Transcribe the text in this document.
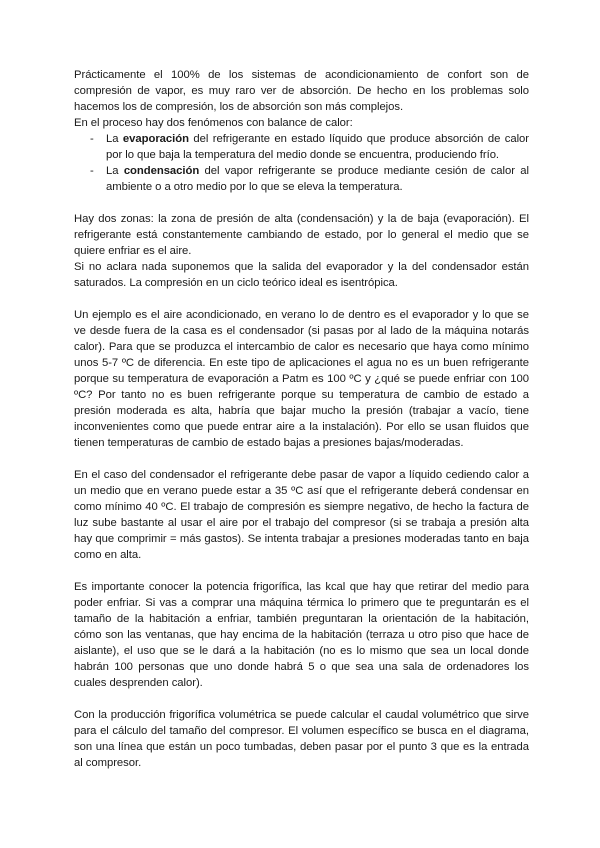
Prácticamente el 100% de los sistemas de acondicionamiento de confort son de compresión de vapor, es muy raro ver de absorción. De hecho en los problemas solo hacemos los de compresión, los de absorción son más complejos.
En el proceso hay dos fenómenos con balance de calor:

- La evaporación del refrigerante en estado líquido que produce absorción de calor por lo que baja la temperatura del medio donde se encuentra, produciendo frío.
- La condensación del vapor refrigerante se produce mediante cesión de calor al ambiente o a otro medio por lo que se eleva la temperatura.

Hay dos zonas: la zona de presión de alta (condensación) y la de baja (evaporación). El refrigerante está constantemente cambiando de estado, por lo general el medio que se quiere enfriar es el aire.
Si no aclara nada suponemos que la salida del evaporador y la del condensador están saturados. La compresión en un ciclo teórico ideal es isentrópica.

Un ejemplo es el aire acondicionado, en verano lo de dentro es el evaporador y lo que se ve desde fuera de la casa es el condensador (si pasas por al lado de la máquina notarás calor). Para que se produzca el intercambio de calor es necesario que haya como mínimo unos 5-7 ºC de diferencia. En este tipo de aplicaciones el agua no es un buen refrigerante porque su temperatura de evaporación a Patm es 100 ºC y ¿qué se puede enfriar con 100 ºC? Por tanto no es buen refrigerante porque su temperatura de cambio de estado a presión moderada es alta, habría que bajar mucho la presión (trabajar a vacío, tiene inconvenientes como que puede entrar aire a la instalación). Por ello se usan fluidos que tienen temperaturas de cambio de estado bajas a presiones bajas/moderadas.

En el caso del condensador el refrigerante debe pasar de vapor a líquido cediendo calor a un medio que en verano puede estar a 35 ºC así que el refrigerante deberá condensar en como mínimo 40 ºC. El trabajo de compresión es siempre negativo, de hecho la factura de luz sube bastante al usar el aire por el trabajo del compresor (si se trabaja a presión alta hay que comprimir = más gastos). Se intenta trabajar a presiones moderadas tanto en baja como en alta.

Es importante conocer la potencia frigorífica, las kcal que hay que retirar del medio para poder enfriar. Si vas a comprar una máquina térmica lo primero que te preguntarán es el tamaño de la habitación a enfriar, también preguntaran la orientación de la habitación, cómo son las ventanas, que hay encima de la habitación (terraza u otro piso que hace de aislante), el uso que se le dará a la habitación (no es lo mismo que sea un local donde habrán 100 personas que uno donde habrá 5 o que sea una sala de ordenadores los cuales desprenden calor).

Con la producción frigorífica volumétrica se puede calcular el caudal volumétrico que sirve para el cálculo del tamaño del compresor. El volumen específico se busca en el diagrama, son una línea que están un poco tumbadas, deben pasar por el punto 3 que es la entrada al compresor.
